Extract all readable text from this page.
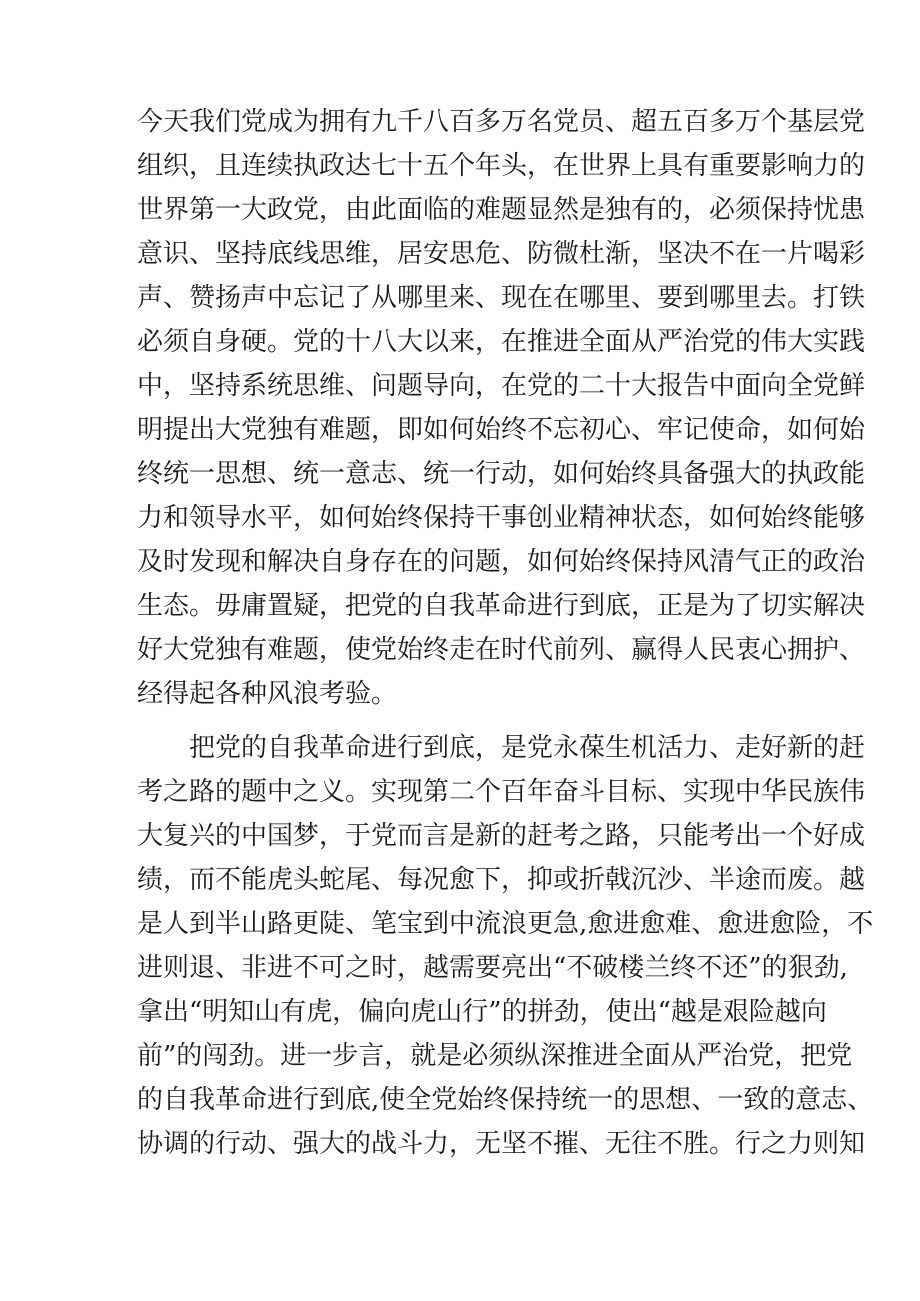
今天我们党成为拥有九千八百多万名党员、超五百多万个基层党
组织，且连续执政达七十五个年头，在世界上具有重要影响力的
世界第一大政党，由此面临的难题显然是独有的，必须保持忧患
意识、坚持底线思维，居安思危、防微杜渐，坚决不在一片喝彩
声、赞扬声中忘记了从哪里来、现在在哪里、要到哪里去。打铁
必须自身硬。党的十八大以来，在推进全面从严治党的伟大实践
中，坚持系统思维、问题导向，在党的二十大报告中面向全党鲜
明提出大党独有难题，即如何始终不忘初心、牢记使命，如何始
终统一思想、统一意志、统一行动，如何始终具备强大的执政能
力和领导水平，如何始终保持干事创业精神状态，如何始终能够
及时发现和解决自身存在的问题，如何始终保持风清气正的政治
生态。毋庸置疑，把党的自我革命进行到底，正是为了切实解决
好大党独有难题，使党始终走在时代前列、赢得人民衷心拥护、
经得起各种风浪考验。
把党的自我革命进行到底，是党永葆生机活力、走好新的赶
考之路的题中之义。实现第二个百年奋斗目标、实现中华民族伟
大复兴的中国梦，于党而言是新的赶考之路，只能考出一个好成
绩，而不能虎头蛇尾、每况愈下，抑或折戟沉沙、半途而废。越
是人到半山路更陡、笔宝到中流浪更急,愈进愈难、愈进愈险，不
进则退、非进不可之时，越需要亮出“不破楼兰终不还”的狠劲,
拿出“明知山有虎，偏向虎山行”的拼劲，使出“越是艰险越向
前”的闯劲。进一步言，就是必须纵深推进全面从严治党，把党
的自我革命进行到底,使全党始终保持统一的思想、一致的意志、
协调的行动、强大的战斗力，无坚不摧、无往不胜。行之力则知
